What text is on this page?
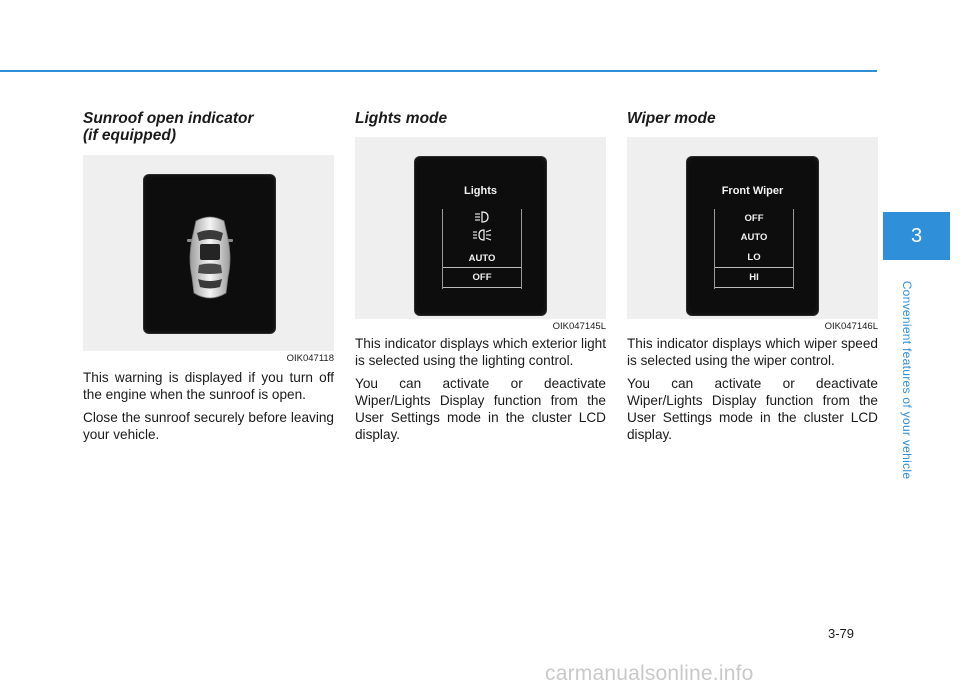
Sunroof open indicator
(if equipped)
OIK047118

This warning is displayed if you turn off the engine when the sunroof is open.

Close the sunroof securely before leaving your vehicle.

Lights mode
Lights
AUTO
OFF
OIK047145L

This indicator displays which exterior light is selected using the lighting control.

You can activate or deactivate Wiper/Lights Display function from the User Settings mode in the cluster LCD display.

Wiper mode
Front Wiper
OFF
AUTO
LO
HI
OIK047146L

This indicator displays which wiper speed is selected using the wiper control.

You can activate or deactivate Wiper/Lights Display function from the User Settings mode in the cluster LCD display.

3
Convenient features of your vehicle
3-79
carmanualsonline.info
